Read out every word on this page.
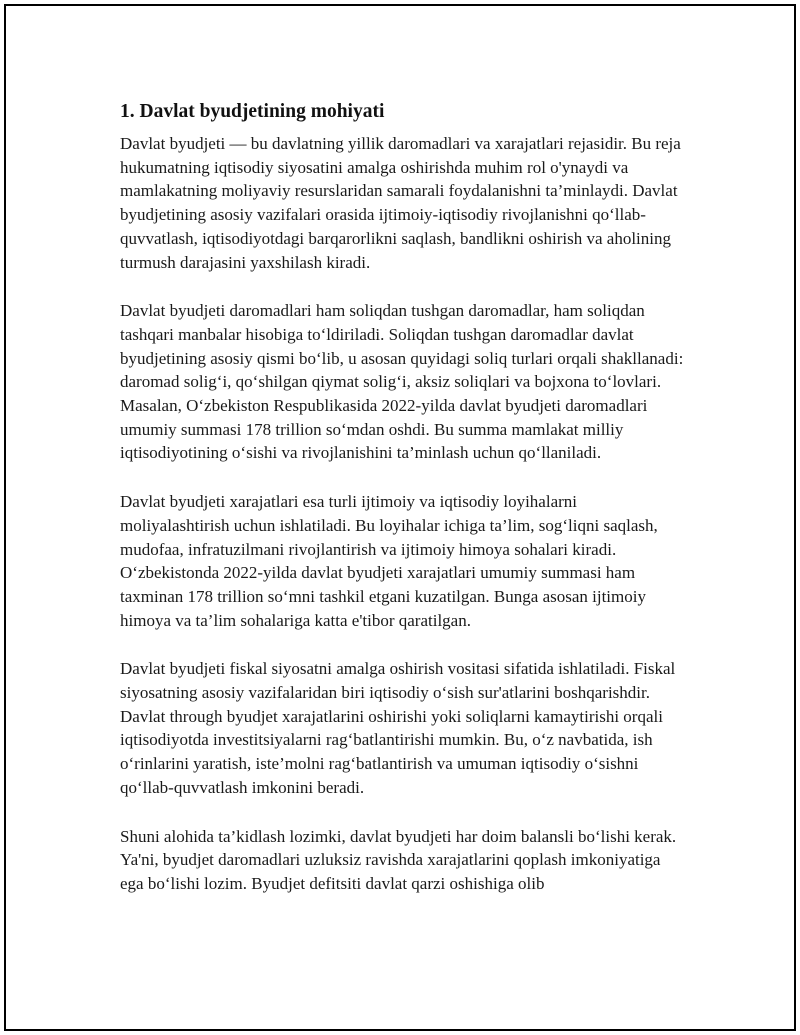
1. Davlat byudjetining mohiyati

Davlat byudjeti — bu davlatning yillik daromadlari va xarajatlari rejasidir. Bu reja hukumatning iqtisodiy siyosatini amalga oshirishda muhim rol o'ynaydi va mamlakatning moliyaviy resurslaridan samarali foydalanishni ta’minlaydi. Davlat byudjetining asosiy vazifalari orasida ijtimoiy-iqtisodiy rivojlanishni qo‘llab-quvvatlash, iqtisodiyotdagi barqarorlikni saqlash, bandlikni oshirish va aholining turmush darajasini yaxshilash kiradi.

Davlat byudjeti daromadlari ham soliqdan tushgan daromadlar, ham soliqdan tashqari manbalar hisobiga to‘ldiriladi. Soliqdan tushgan daromadlar davlat byudjetining asosiy qismi bo‘lib, u asosan quyidagi soliq turlari orqali shakllanadi: daromad solig‘i, qo‘shilgan qiymat solig‘i, aksiz soliqlari va bojxona to‘lovlari. Masalan, O‘zbekiston Respublikasida 2022-yilda davlat byudjeti daromadlari umumiy summasi 178 trillion so‘mdan oshdi. Bu summa mamlakat milliy iqtisodiyotining o‘sishi va rivojlanishini ta’minlash uchun qo‘llaniladi.

Davlat byudjeti xarajatlari esa turli ijtimoiy va iqtisodiy loyihalarni moliyalashtirish uchun ishlatiladi. Bu loyihalar ichiga ta’lim, sog‘liqni saqlash, mudofaa, infratuzilmani rivojlantirish va ijtimoiy himoya sohalari kiradi. O‘zbekistonda 2022-yilda davlat byudjeti xarajatlari umumiy summasi ham taxminan 178 trillion so‘mni tashkil etgani kuzatilgan. Bunga asosan ijtimoiy himoya va ta’lim sohalariga katta e'tibor qaratilgan.

Davlat byudjeti fiskal siyosatni amalga oshirish vositasi sifatida ishlatiladi. Fiskal siyosatning asosiy vazifalaridan biri iqtisodiy o‘sish sur'atlarini boshqarishdir. Davlat through byudjet xarajatlarini oshirishi yoki soliqlarni kamaytirishi orqali iqtisodiyotda investitsiyalarni rag‘batlantirishi mumkin. Bu, o‘z navbatida, ish o‘rinlarini yaratish, iste’molni rag‘batlantirish va umuman iqtisodiy o‘sishni qo‘llab-quvvatlash imkonini beradi.

Shuni alohida ta’kidlash lozimki, davlat byudjeti har doim balansli bo‘lishi kerak. Ya'ni, byudjet daromadlari uzluksiz ravishda xarajatlarini qoplash imkoniyatiga ega bo‘lishi lozim. Byudjet defitsiti davlat qarzi oshishiga olib
